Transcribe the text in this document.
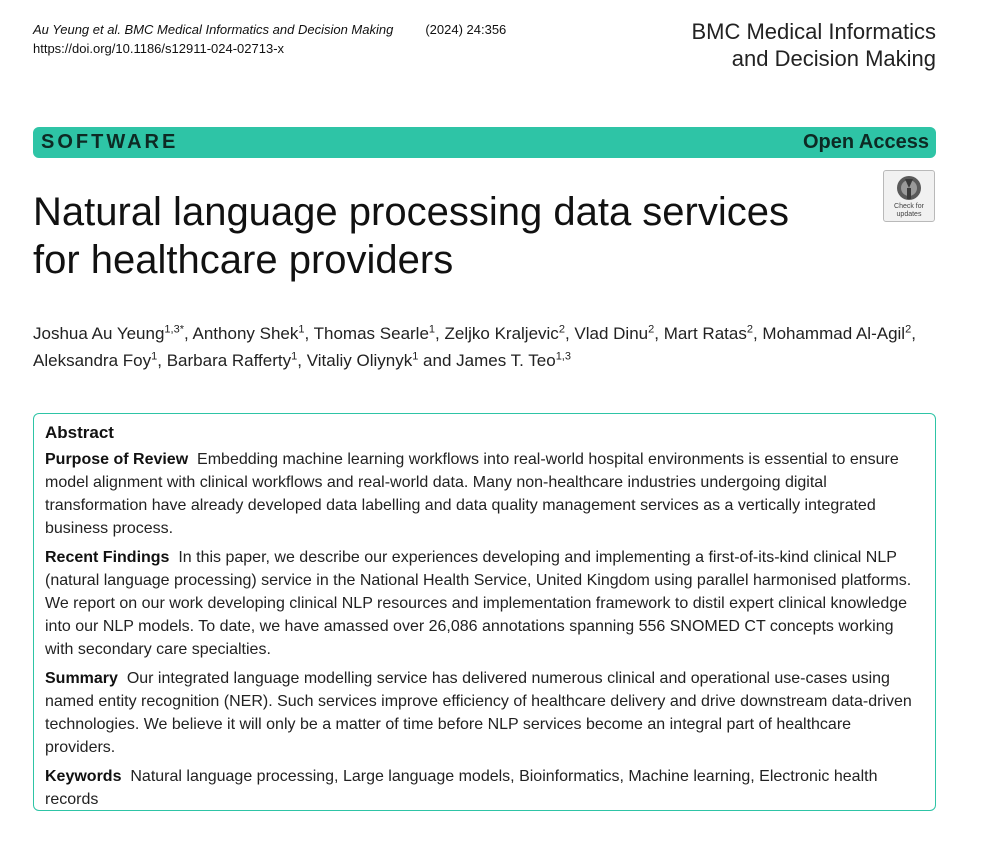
Au Yeung et al. BMC Medical Informatics and Decision Making (2024) 24:356
https://doi.org/10.1186/s12911-024-02713-x
BMC Medical Informatics
and Decision Making
SOFTWARE	Open Access
Check for
updates
Natural language processing data services
for healthcare providers
Joshua Au Yeung$^{1,3*}$, Anthony Shek$^1$, Thomas Searle$^1$, Zeljko Kraljevic$^2$, Vlad Dinu$^2$, Mart Ratas$^2$, Mohammad Al-Agil$^2$, Aleksandra Foy$^1$, Barbara Rafferty$^1$, Vitaliy Oliynyk$^1$ and James T. Teo$^{1,3}$
Abstract

Purpose of Review Embedding machine learning workflows into real-world hospital environments is essential to ensure model alignment with clinical workflows and real-world data. Many non-healthcare industries undergoing digital transformation have already developed data labelling and data quality management services as a vertically integrated business process.

Recent Findings In this paper, we describe our experiences developing and implementing a first-of-its-kind clinical NLP (natural language processing) service in the National Health Service, United Kingdom using parallel harmonised platforms. We report on our work developing clinical NLP resources and implementation framework to distil expert clinical knowledge into our NLP models. To date, we have amassed over 26,086 annotations spanning 556 SNOMED CT concepts working with secondary care specialties.

Summary Our integrated language modelling service has delivered numerous clinical and operational use-cases using named entity recognition (NER). Such services improve efficiency of healthcare delivery and drive downstream data-driven technologies. We believe it will only be a matter of time before NLP services become an integral part of healthcare providers.

Keywords Natural language processing, Large language models, Bioinformatics, Machine learning, Electronic health records
